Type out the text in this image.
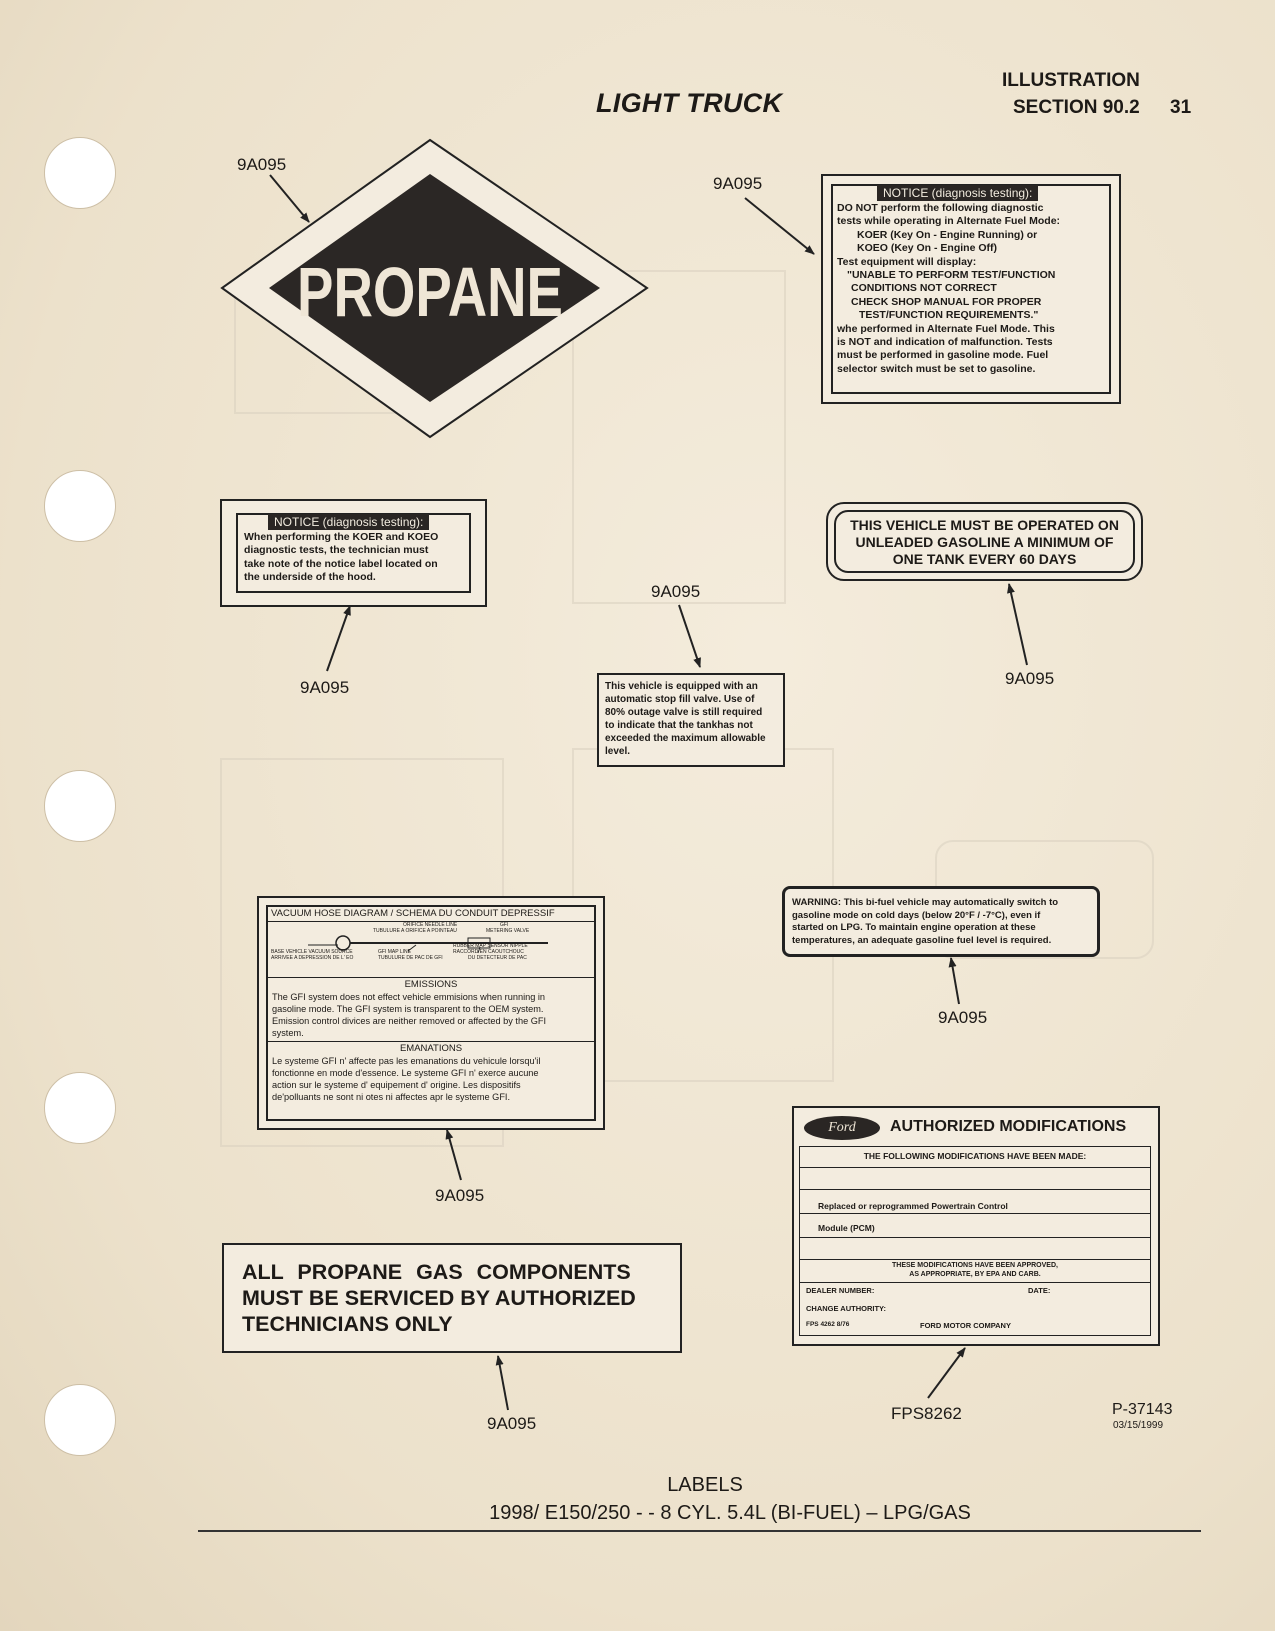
LIGHT TRUCK
ILLUSTRATION
SECTION 90.2 31
PROPANE
9A095
9A095
9A095
9A095
9A095
9A095
9A095
9A095
FPS8262
NOTICE (diagnosis testing):
DO NOT perform the following diagnostic
tests while operating in Alternate Fuel Mode:
KOER (Key On - Engine Running) or
KOEO (Key On - Engine Off)
Test equipment will display:
"UNABLE TO PERFORM TEST/FUNCTION
CONDITIONS NOT CORRECT
CHECK SHOP MANUAL FOR PROPER
TEST/FUNCTION REQUIREMENTS."
whe performed in Alternate Fuel Mode. This
is NOT and indication of malfunction. Tests
must be performed in gasoline mode. Fuel
selector switch must be set to gasoline.
NOTICE (diagnosis testing):
When performing the KOER and KOEO
diagnostic tests, the technician must
take note of the notice label located on
the underside of the hood.
THIS VEHICLE MUST BE OPERATED ON
UNLEADED GASOLINE A MINIMUM OF
ONE TANK EVERY 60 DAYS
This vehicle is equipped with an
automatic stop fill valve. Use of
80% outage valve is still required
to indicate that the tankhas not
exceeded the maximum allowable
level.
WARNING: This bi-fuel vehicle may automatically switch to
gasoline mode on cold days (below 20°F / -7°C), even if
started on LPG. To maintain engine operation at these
temperatures, an adequate gasoline fuel level is required.
VACUUM HOSE DIAGRAM / SCHEMA DU CONDUIT DEPRESSIF
ORIFICE NEEDLE LINE
TUBULURE A ORIFICE A POINTEAU
GFI
METERING VALVE
BASE VEHICLE VACUUM SOURCE
ARRIVEE A DEPRESSION DE L' EO
GFI MAP LINE
TUBULURE DE PAC DE GFI
RUBBER MAP SENSOR NIPPLE
RACCORD EN CAOUTCHOUC
DU DETECTEUR DE PAC
EMISSIONS
The GFI system does not effect vehicle emmisions when running in
gasoline mode. The GFI system is transparent to the OEM system.
Emission control divices are neither removed or affected by the GFI
system.
EMANATIONS
Le systeme GFI n' affecte pas les emanations du vehicule lorsqu'il
fonctionne en mode d'essence. Le systeme GFI n' exerce aucune
action sur le systeme d' equipement d' origine. Les dispositifs
de'polluants ne sont ni otes ni affectes apr le systeme GFI.
ALL PROPANE GAS COMPONENTS
MUST BE SERVICED BY AUTHORIZED
TECHNICIANS ONLY
Ford	AUTHORIZED MODIFICATIONS
THE FOLLOWING MODIFICATIONS HAVE BEEN MADE:
Replaced or reprogrammed Powertrain Control
Module (PCM)
THESE MODIFICATIONS HAVE BEEN APPROVED,
AS APPROPRIATE, BY EPA AND CARB.
DEALER NUMBER:	DATE:
CHANGE AUTHORITY:
FPS 4262 8/76	FORD MOTOR COMPANY
P-37143
03/15/1999
LABELS
1998/ E150/250 - - 8 CYL. 5.4L (BI-FUEL) – LPG/GAS
